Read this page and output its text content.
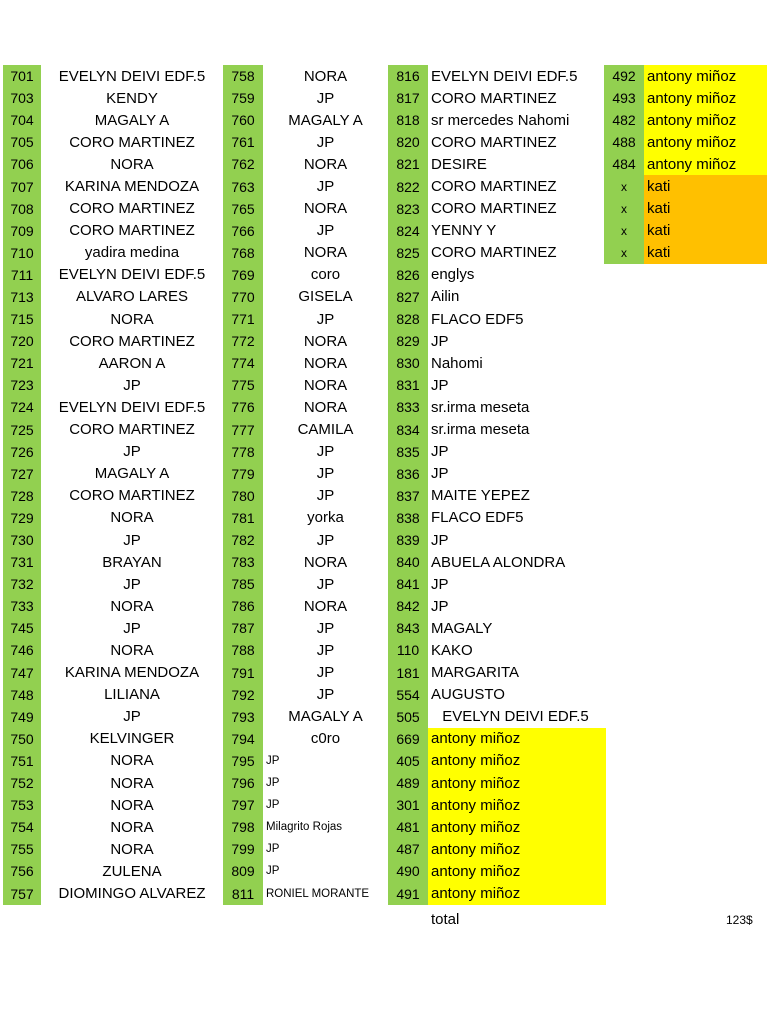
701	EVELYN DEIVI EDF.5
703	KENDY
704	MAGALY A
705	CORO MARTINEZ
706	NORA
707	KARINA MENDOZA
708	CORO MARTINEZ
709	CORO MARTINEZ
710	yadira medina
711	EVELYN DEIVI EDF.5
713	ALVARO LARES
715	NORA
720	CORO MARTINEZ
721	AARON A
723	JP
724	EVELYN DEIVI EDF.5
725	CORO MARTINEZ
726	JP
727	MAGALY A
728	CORO MARTINEZ
729	NORA
730	JP
731	BRAYAN
732	JP
733	NORA
745	JP
746	NORA
747	KARINA MENDOZA
748	LILIANA
749	JP
750	KELVINGER
751	NORA
752	NORA
753	NORA
754	NORA
755	NORA
756	ZULENA
757	DIOMINGO ALVAREZ
758	NORA
759	JP
760	MAGALY A
761	JP
762	NORA
763	JP
765	NORA
766	JP
768	NORA
769	coro
770	GISELA
771	JP
772	NORA
774	NORA
775	NORA
776	NORA
777	CAMILA
778	JP
779	JP
780	JP
781	yorka
782	JP
783	NORA
785	JP
786	NORA
787	JP
788	JP
791	JP
792	JP
793	MAGALY A
794	c0ro
795 JP
796 JP
797 JP
798 Milagrito Rojas
799 JP
809 JP
811	RONIEL MORANTE
816 EVELYN DEIVI EDF.5
817 CORO MARTINEZ
818 sr mercedes Nahomi
820 CORO MARTINEZ
821 DESIRE
822 CORO MARTINEZ
823 CORO MARTINEZ
824 YENNY Y
825 CORO MARTINEZ
826 englys
827 Ailin
828 FLACO EDF5
829 JP
830 Nahomi
831 JP
833 sr.irma meseta
834 sr.irma meseta
835 JP
836 JP
837 MAITE YEPEZ
838 FLACO EDF5
839 JP
840 ABUELA ALONDRA
841 JP
842 JP
843 MAGALY
110 KAKO
181 MARGARITA
554 AUGUSTO
505	EVELYN DEIVI EDF.5
669 antony miñoz
405 antony miñoz
489 antony miñoz
301 antony miñoz
481 antony miñoz
487 antony miñoz
490 antony miñoz
491 antony miñoz
492 antony miñoz
493 antony miñoz
482 antony miñoz
488 antony miñoz
484 antony miñoz
x	kati
x	kati
x	kati
x	kati
total	123$
